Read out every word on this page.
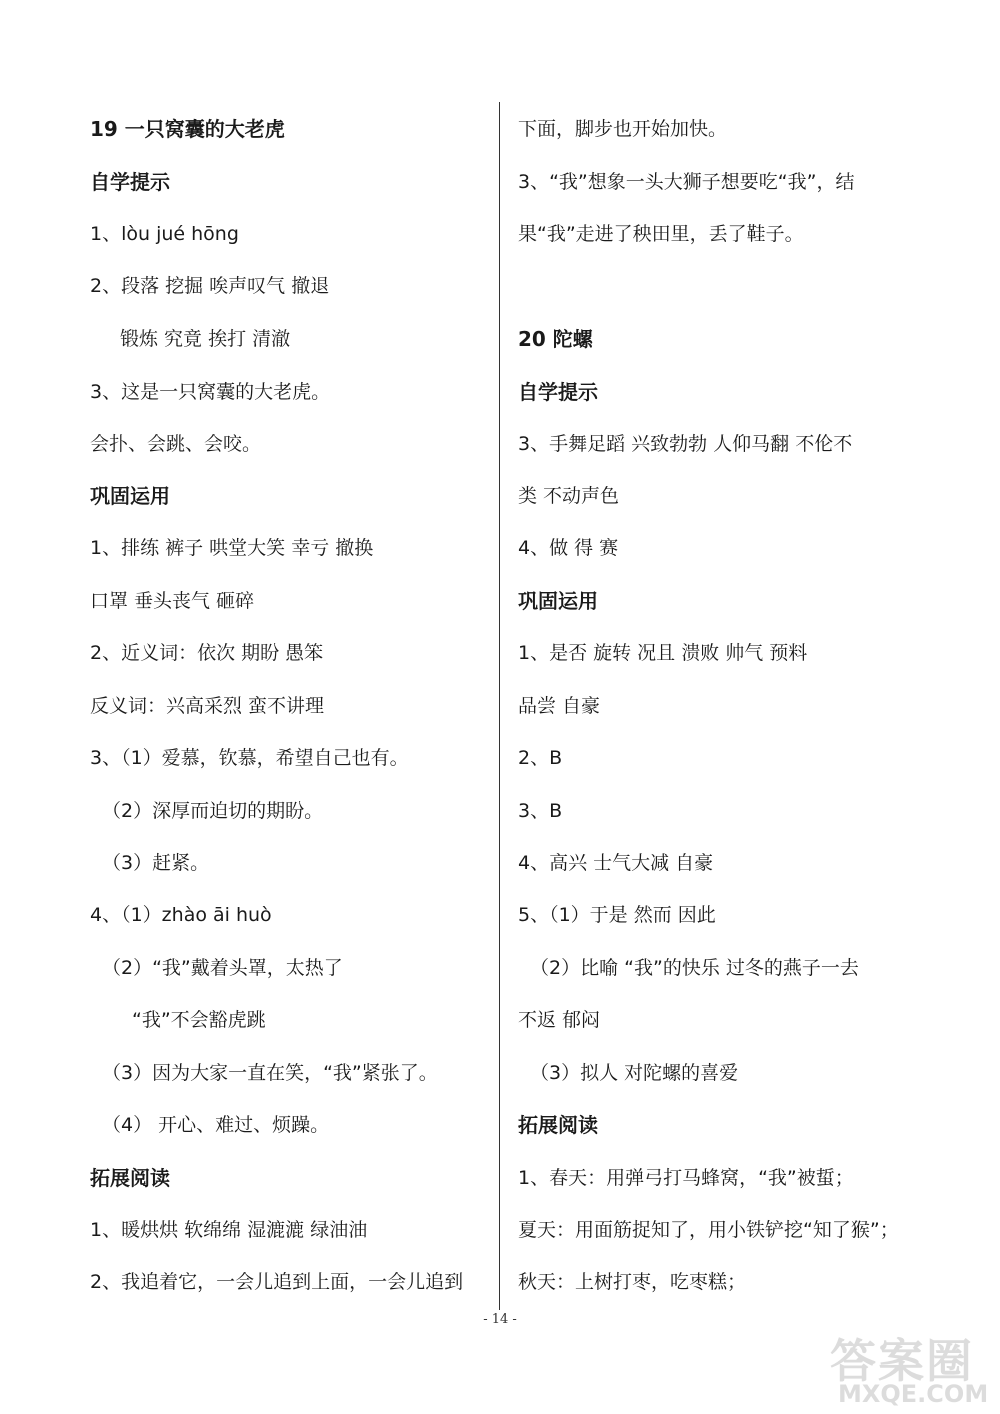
19 一只窝囊的大老虎
自学提示
1、lòu jué hōng
2、段落 挖掘 唉声叹气 撤退
锻炼 究竟 挨打 清澈
3、这是一只窝囊的大老虎。
会扑、会跳、会咬。
巩固运用
1、排练 裤子 哄堂大笑 幸亏 撤换
口罩 垂头丧气 砸碎
2、近义词：依次 期盼 愚笨
反义词：兴高采烈 蛮不讲理
3、（1）爱慕，钦慕，希望自己也有。
（2）深厚而迫切的期盼。
（3）赶紧。
4、（1）zhào āi huò
（2）“我”戴着头罩，太热了
“我”不会豁虎跳
（3）因为大家一直在笑，“我”紧张了。
（4） 开心、难过、烦躁。
拓展阅读
1、暖烘烘 软绵绵 湿漉漉 绿油油
2、我追着它，一会儿追到上面，一会儿追到
下面，脚步也开始加快。
3、“我”想象一头大狮子想要吃“我”，结
果“我”走进了秧田里，丢了鞋子。
20 陀螺
自学提示
3、手舞足蹈 兴致勃勃 人仰马翻 不伦不
类 不动声色
4、做 得 赛
巩固运用
1、是否 旋转 况且 溃败 帅气 预料
品尝 自豪
2、B
3、B
4、高兴 士气大减 自豪
5、（1）于是 然而 因此
（2）比喻 “我”的快乐 过冬的燕子一去
不返 郁闷
（3）拟人 对陀螺的喜爱
拓展阅读
1、春天：用弹弓打马蜂窝，“我”被蜇；
夏天：用面筋捉知了，用小铁铲挖“知了猴”；
秋天：上树打枣，吃枣糕；
- 14 -
答案圈
MXQE.COM
